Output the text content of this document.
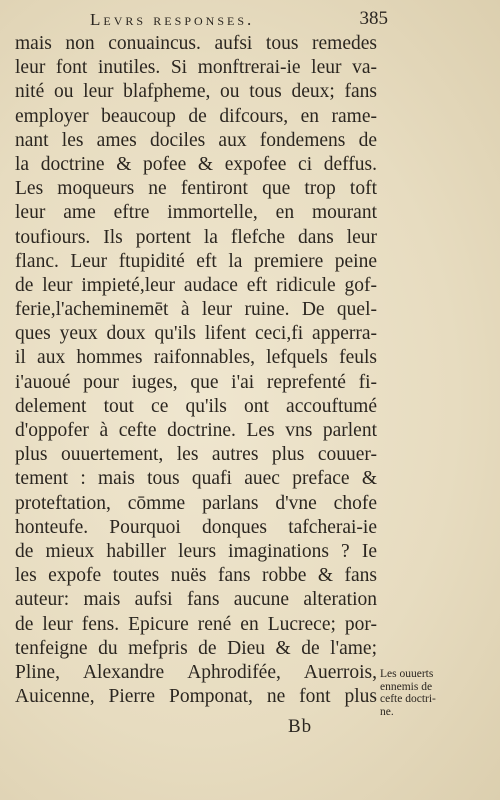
Levrs responses.	385
mais non conuaincus. aufsi tous remedes
leur font inutiles. Si monftrerai-ie leur va-
nité ou leur blafpheme, ou tous deux; fans
employer beaucoup de difcours, en rame-
nant les ames dociles aux fondemens de
la doctrine & pofee & expofee ci deffus.
Les moqueurs ne fentiront que trop toft
leur ame eftre immortelle, en mourant
toufiours. Ils portent la flefche dans leur
flanc. Leur ftupidité eft la premiere peine
de leur impieté,leur audace eft ridicule gof-
ferie,l'acheminemēt à leur ruine. De quel-
ques yeux doux qu'ils lifent ceci,fi apperra-
il aux hommes raifonnables, lefquels feuls
i'auoué pour iuges, que i'ai reprefenté fi-
delement tout ce qu'ils ont accouftumé
d'oppofer à cefte doctrine. Les vns parlent
plus ouuertement, les autres plus couuer-
tement : mais tous quafi auec preface &
proteftation, cōmme parlans d'vne chofe
honteufe. Pourquoi donques tafcherai-ie
de mieux habiller leurs imaginations ? Ie
les expofe toutes nuës fans robbe & fans
auteur: mais aufsi fans aucune alteration
de leur fens. Epicure rené en Lucrece; por-
tenfeigne du mefpris de Dieu & de l'ame;
Pline, Alexandre Aphrodifée, Auerrois,
Auicenne, Pierre Pomponat, ne font plus
Les ouuerts
ennemis de
cefte doctri-
ne.
Bb
